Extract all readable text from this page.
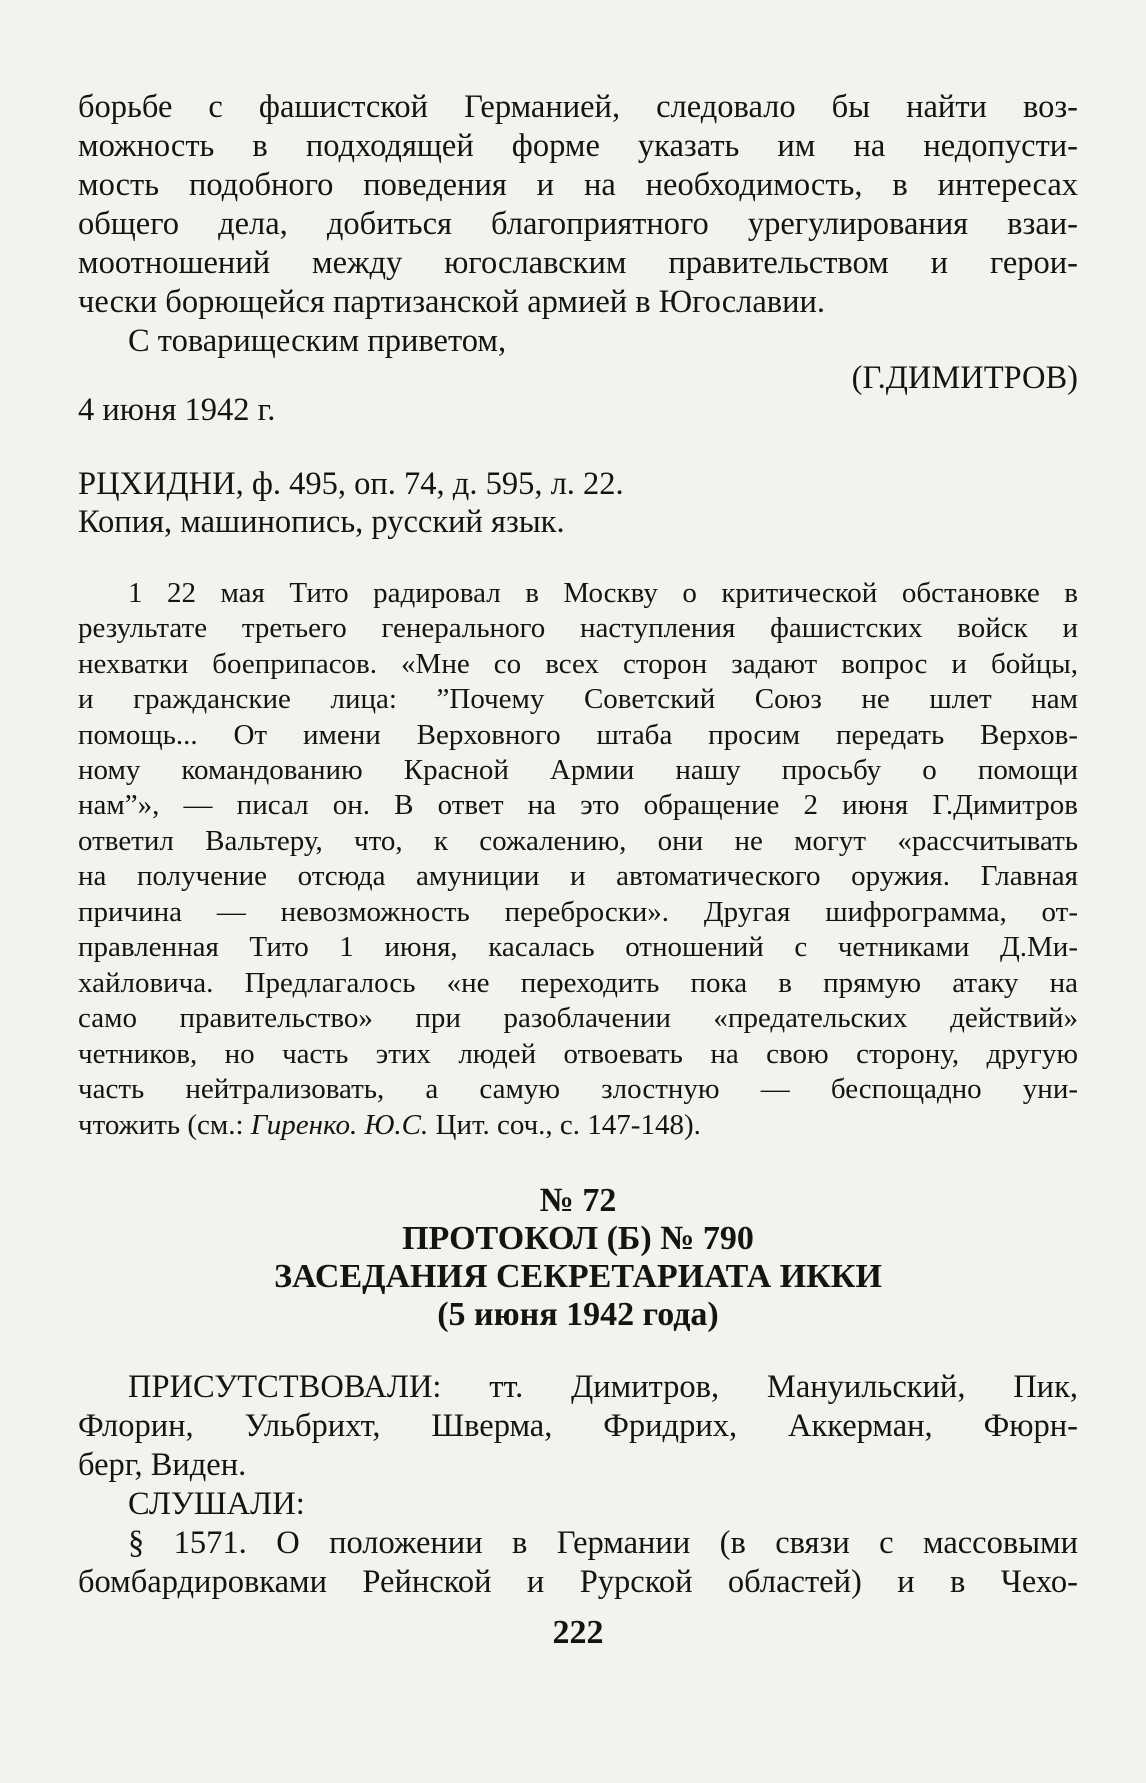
борьбе с фашистской Германией, следовало бы найти воз-
можность в подходящей форме указать им на недопусти-
мость подобного поведения и на необходимость, в интересах
общего дела, добиться благоприятного урегулирования взаи-
моотношений между югославским правительством и герои-
чески борющейся партизанской армией в Югославии.
С товарищеским приветом,
(Г.ДИМИТРОВ)
4 июня 1942 г.
РЦХИДНИ, ф. 495, оп. 74, д. 595, л. 22.
Копия, машинопись, русский язык.
1 22 мая Тито радировал в Москву о критической обстановке в
результате третьего генерального наступления фашистских войск и
нехватки боеприпасов. «Мне со всех сторон задают вопрос и бойцы,
и гражданские лица: ”Почему Советский Союз не шлет нам
помощь... От имени Верховного штаба просим передать Верхов-
ному командованию Красной Армии нашу просьбу о помощи
нам”», — писал он. В ответ на это обращение 2 июня Г.Димитров
ответил Вальтеру, что, к сожалению, они не могут «рассчитывать
на получение отсюда амуниции и автоматического оружия. Главная
причина — невозможность переброски». Другая шифрограмма, от-
правленная Тито 1 июня, касалась отношений с четниками Д.Ми-
хайловича. Предлагалось «не переходить пока в прямую атаку на
само правительство» при разоблачении «предательских действий»
четников, но часть этих людей отвоевать на свою сторону, другую
часть нейтрализовать, а самую злостную — беспощадно уни-
чтожить (см.: Гиренко. Ю.С. Цит. соч., с. 147-148).
№ 72
ПРОТОКОЛ (Б) № 790
ЗАСЕДАНИЯ СЕКРЕТАРИАТА ИККИ
(5 июня 1942 года)
ПРИСУТСТВОВАЛИ: тт. Димитров, Мануильский, Пик,
Флорин, Ульбрихт, Шверма, Фридрих, Аккерман, Фюрн-
берг, Виден.
СЛУШАЛИ:
§ 1571. О положении в Германии (в связи с массовыми
бомбардировками Рейнской и Рурской областей) и в Чехо-
222
